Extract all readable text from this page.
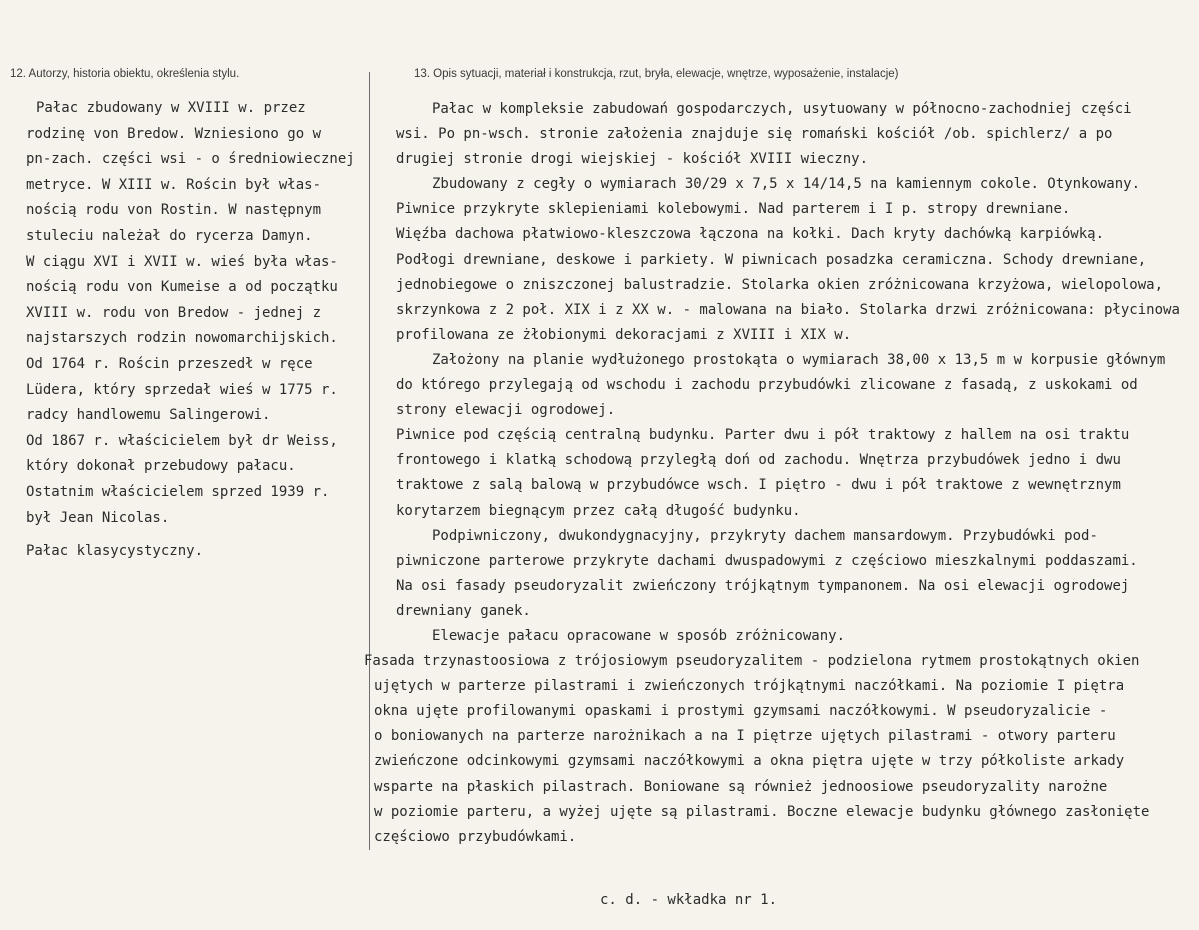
12. Autorzy, historia obiektu, określenia stylu.	13. Opis sytuacji, materiał i konstrukcja, rzut, bryła, elewacje, wnętrze, wyposażenie, instalacje)
Pałac zbudowany w XVIII w. przez
rodzinę von Bredow. Wzniesiono go w
pn-zach. części wsi - o średniowiecznej
metryce. W XIII w. Rościn był włas-
nością rodu von Rostin. W następnym
stuleciu należał do rycerza Damyn.
W ciągu XVI i XVII w. wieś była włas-
nością rodu von Kumeise a od początku
XVIII w. rodu von Bredow - jednej z
najstarszych rodzin nowomarchijskich.
Od 1764 r. Rościn przeszedł w ręce
Lüdera, który sprzedał wieś w 1775 r.
radcy handlowemu Salingerowi.
Od 1867 r. właścicielem był dr Weiss,
który dokonał przebudowy pałacu.
Ostatnim właścicielem sprzed 1939 r.
był Jean Nicolas.
Pałac klasycystyczny.
Pałac w kompleksie zabudowań gospodarczych, usytuowany w północno-zachodniej części
wsi. Po pn-wsch. stronie założenia znajduje się romański kościół /ob. spichlerz/ a po
drugiej stronie drogi wiejskiej - kościół XVIII wieczny.
Zbudowany z cegły o wymiarach 30/29 x 7,5 x 14/14,5 na kamiennym cokole. Otynkowany.
Piwnice przykryte sklepieniami kolebowymi. Nad parterem i I p. stropy drewniane.
Więźba dachowa płatwiowo-kleszczowa łączona na kołki. Dach kryty dachówką karpiówką.
Podłogi drewniane, deskowe i parkiety. W piwnicach posadzka ceramiczna. Schody drewniane,
jednobiegowe o zniszczonej balustradzie. Stolarka okien zróżnicowana krzyżowa, wielopolowa,
skrzynkowa z 2 poł. XIX i z XX w. - malowana na biało. Stolarka drzwi zróżnicowana: płycinowa
profilowana ze żłobionymi dekoracjami z XVIII i XIX w.
Założony na planie wydłużonego prostokąta o wymiarach 38,00 x 13,5 m w korpusie głównym
do którego przylegają od wschodu i zachodu przybudówki zlicowane z fasadą, z uskokami od
strony elewacji ogrodowej.
Piwnice pod częścią centralną budynku. Parter dwu i pół traktowy z hallem na osi traktu
frontowego i klatką schodową przyległą doń od zachodu. Wnętrza przybudówek jedno i dwu
traktowe z salą balową w przybudówce wsch. I piętro - dwu i pół traktowe z wewnętrznym
korytarzem biegnącym przez całą długość budynku.
Podpiwniczony, dwukondygnacyjny, przykryty dachem mansardowym. Przybudówki pod-
piwniczone parterowe przykryte dachami dwuspadowymi z częściowo mieszkalnymi poddaszami.
Na osi fasady pseudoryzalit zwieńczony trójkątnym tympanonem. Na osi elewacji ogrodowej
drewniany ganek.
Elewacje pałacu opracowane w sposób zróżnicowany.
Fasada trzynastoosiowa z trójosiowym pseudoryzalitem - podzielona rytmem prostokątnych okien
ujętych w parterze pilastrami i zwieńczonych trójkątnymi naczółkami. Na poziomie I piętra
okna ujęte profilowanymi opaskami i prostymi gzymsami naczółkowymi. W pseudoryzalicie -
o boniowanych na parterze narożnikach a na I piętrze ujętych pilastrami - otwory parteru
zwieńczone odcinkowymi gzymsami naczółkowymi a okna piętra ujęte w trzy półkoliste arkady
wsparte na płaskich pilastrach. Boniowane są również jednoosiowe pseudoryzality narożne
w poziomie parteru, a wyżej ujęte są pilastrami. Boczne elewacje budynku głównego zasłonięte
częściowo przybudówkami.
c. d. - wkładka nr 1.
